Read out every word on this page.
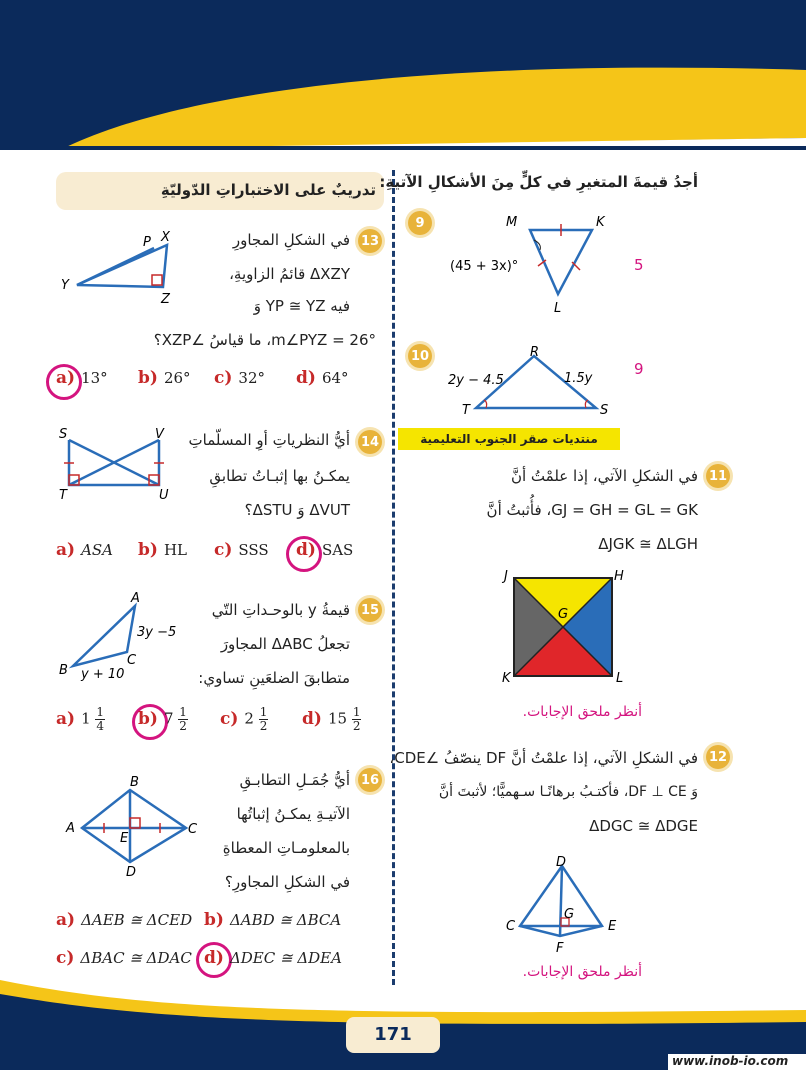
تدريبٌ على الاختباراتِ الدّوليّةِ
13
في الشكلِ المجاورِ
ΔXZY قائمُ الزاويةِ،
فيه YP ≅ YZ وَ
m∠PYZ = 26°، ما قياسُ ∠XZP؟
P X
Y
Z
a) 13° b) 26° c) 32° d) 64°
14
أيُّ النظرياتِ أوِ المسلّماتِ
يمكـنُ بها إثبـاتُ تطابقِ
ΔVUT وَ ΔSTU؟
S	V
T	U
a) ASA b) HL c) SSS d) SAS
15
قيمةُ y بالوحـداتِ التّي
تجعلُ ΔABC المجاورَ
متطابقَ الضلعَينِ تساوي:
A
3y −5
C
B y + 10
a) $1 \frac{1}{4} b$) $7 \frac{1}{2} c$) $2 \frac{1}{2} d$) $15 \frac{1}{2}$
16
أيُّ جُمَـلِ التطابـقِ
الآتيـةِ يمكـنُ إثباتُها
بالمعلومـاتِ المعطاةِ
في الشكلِ المجاورِ؟
B
A
E
C
D
a) ΔAEB ≅ ΔCED b) ΔABD ≅ ΔBCA
c) ΔBAC ≅ ΔDAC d) ΔDEC ≅ ΔDEA
أجدُ قيمةَ المتغيرِ في كلٍّ مِنَ الأشكالِ الآتيةِ:
9	M	K
L
(45 + 3x)°	5
10	R
2y − 4.5	1.5y
T	S
9
منتديات صقر الجنوب التعليمية
11
في الشكلِ الآتي، إذا علمْتُ أنَّ
GJ = GH = GL = GK، فأُثبتُ أنَّ
ΔJGK ≅ ΔLGH
J	H
G
K	L
أنظر ملحق الإجابات.
12
في الشكلِ الآتي، إذا علمْتُ أنَّ DF ينصّفُ ∠CDE،
وَ DF ⊥ CE، فأكتـبُ برهانًـا سـهميًّا؛ لأثبتَ أنَّ
ΔDGC ≅ ΔDGE
D
G
C	E
F
أنظر ملحق الإجابات.
171
www.inob-io.com
